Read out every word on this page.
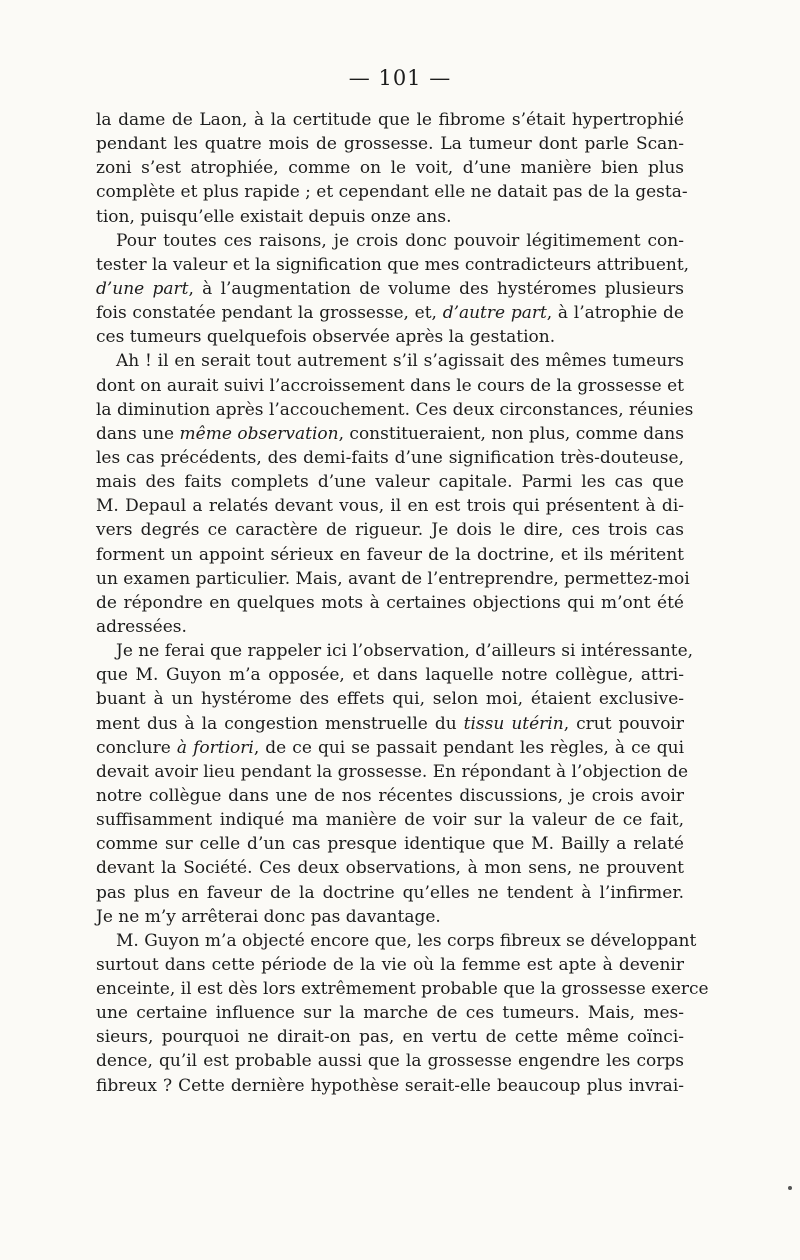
— 101 —
la dame de Laon, à la certitude que le fibrome s’était hypertrophié
pendant les quatre mois de grossesse. La tumeur dont parle Scan-
zoni s’est atrophiée, comme on le voit, d’une manière bien plus
complète et plus rapide ; et cependant elle ne datait pas de la gesta-
tion, puisqu’elle existait depuis onze ans.
Pour toutes ces raisons, je crois donc pouvoir légitimement con-
tester la valeur et la signification que mes contradicteurs attribuent,
d’une part, à l’augmentation de volume des hystéromes plusieurs
fois constatée pendant la grossesse, et, d’autre part, à l’atrophie de
ces tumeurs quelquefois observée après la gestation.
Ah ! il en serait tout autrement s’il s’agissait des mêmes tumeurs
dont on aurait suivi l’accroissement dans le cours de la grossesse et
la diminution après l’accouchement. Ces deux circonstances, réunies
dans une même observation, constitueraient, non plus, comme dans
les cas précédents, des demi-faits d’une signification très-douteuse,
mais des faits complets d’une valeur capitale. Parmi les cas que
M. Depaul a relatés devant vous, il en est trois qui présentent à di-
vers degrés ce caractère de rigueur. Je dois le dire, ces trois cas
forment un appoint sérieux en faveur de la doctrine, et ils méritent
un examen particulier. Mais, avant de l’entreprendre, permettez-moi
de répondre en quelques mots à certaines objections qui m’ont été
adressées.
Je ne ferai que rappeler ici l’observation, d’ailleurs si intéressante,
que M. Guyon m’a opposée, et dans laquelle notre collègue, attri-
buant à un hystérome des effets qui, selon moi, étaient exclusive-
ment dus à la congestion menstruelle du tissu utérin, crut pouvoir
conclure à fortiori, de ce qui se passait pendant les règles, à ce qui
devait avoir lieu pendant la grossesse. En répondant à l’objection de
notre collègue dans une de nos récentes discussions, je crois avoir
suffisamment indiqué ma manière de voir sur la valeur de ce fait,
comme sur celle d’un cas presque identique que M. Bailly a relaté
devant la Société. Ces deux observations, à mon sens, ne prouvent
pas plus en faveur de la doctrine qu’elles ne tendent à l’infirmer.
Je ne m’y arrêterai donc pas davantage.
M. Guyon m’a objecté encore que, les corps fibreux se développant
surtout dans cette période de la vie où la femme est apte à devenir
enceinte, il est dès lors extrêmement probable que la grossesse exerce
une certaine influence sur la marche de ces tumeurs. Mais, mes-
sieurs, pourquoi ne dirait-on pas, en vertu de cette même coïnci-
dence, qu’il est probable aussi que la grossesse engendre les corps
fibreux ? Cette dernière hypothèse serait-elle beaucoup plus invrai-
